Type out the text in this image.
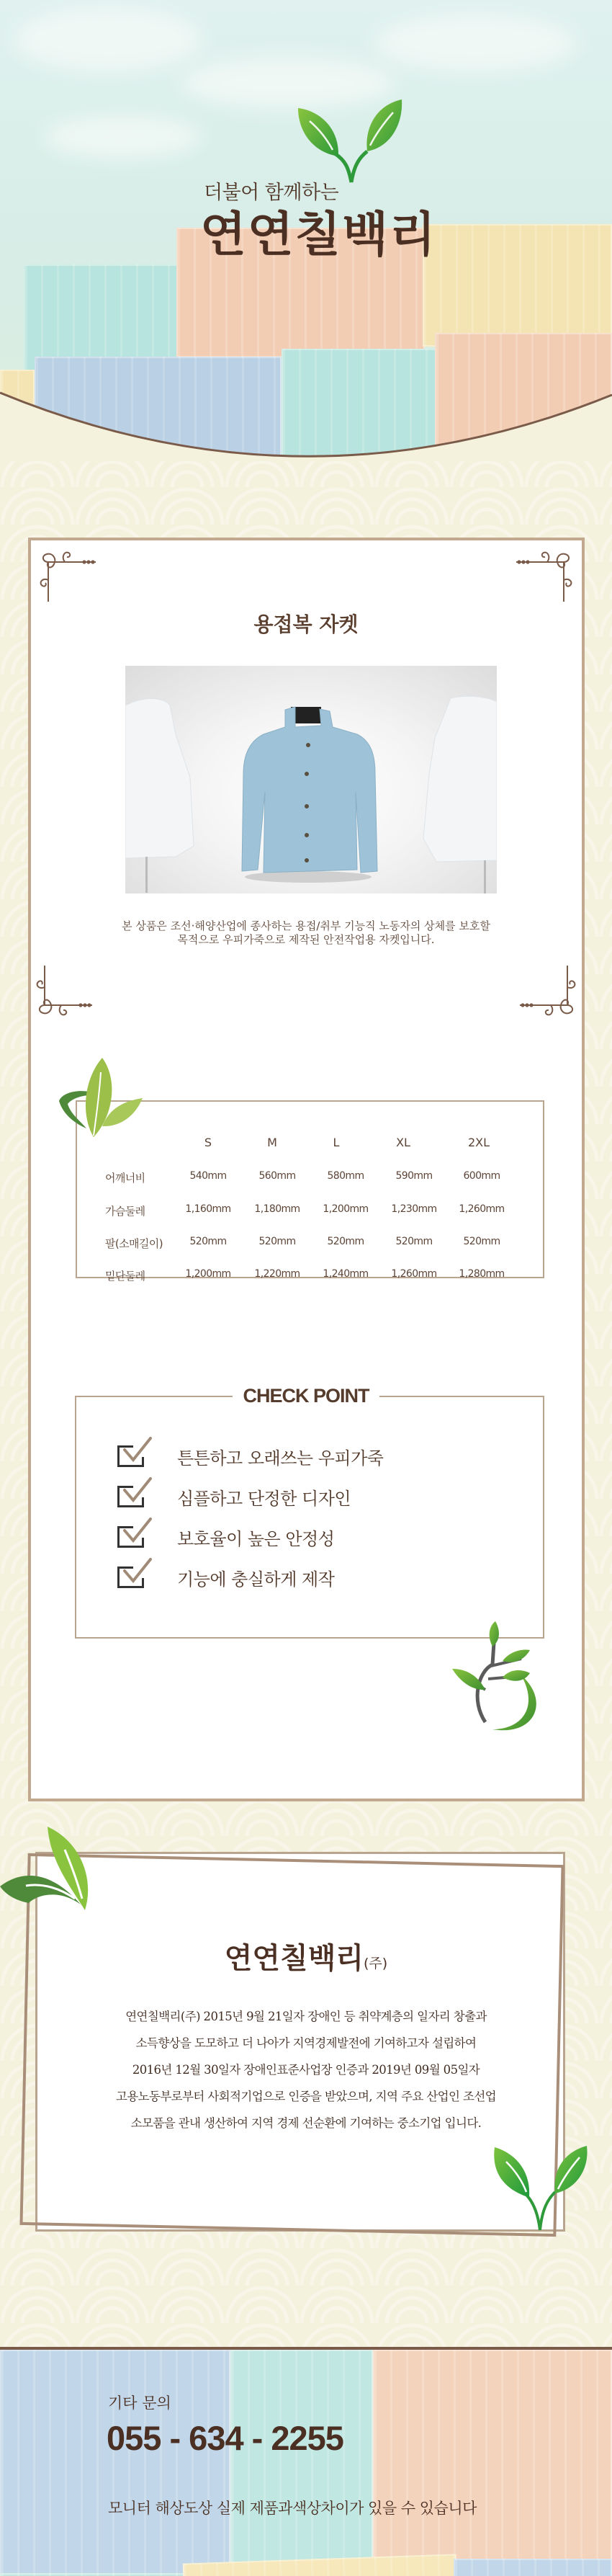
더불어 함께하는
연연칠백리
용접복 자켓
본 상품은 조선·해양산업에 종사하는 용접/취부 기능직 노동자의 상체를 보호할
목적으로 우피가죽으로 제작된 안전작업용 자켓입니다.
S	M	L	XL	2XL
어깨너비	540mm	560mm	580mm	590mm	600mm
가슴둘레	1,160mm 1,180mm 1,200mm 1,230mm 1,260mm
팔(소매길이)	520mm	520mm	520mm	520mm	520mm
밑단둘레	1,200mm 1,220mm 1,240mm 1,260mm 1,280mm
CHECK POINT
튼튼하고 오래쓰는 우피가죽
심플하고 단정한 디자인
보호율이 높은 안정성
기능에 충실하게 제작
연연칠백리(주)
연연칠백리(주) 2015년 9월 21일자 장애인 등 취약계층의 일자리 창출과
소득향상을 도모하고 더 나아가 지역경제발전에 기여하고자 설립하여
2016년 12월 30일자 장애인표준사업장 인증과 2019년 09월 05일자
고용노동부로부터 사회적기업으로 인증을 받았으며, 지역 주요 산업인 조선업
소모품을 관내 생산하여 지역 경제 선순환에 기여하는 중소기업 입니다.
기타 문의
055 - 634 - 2255
모니터 해상도상 실제 제품과색상차이가 있을 수 있습니다
